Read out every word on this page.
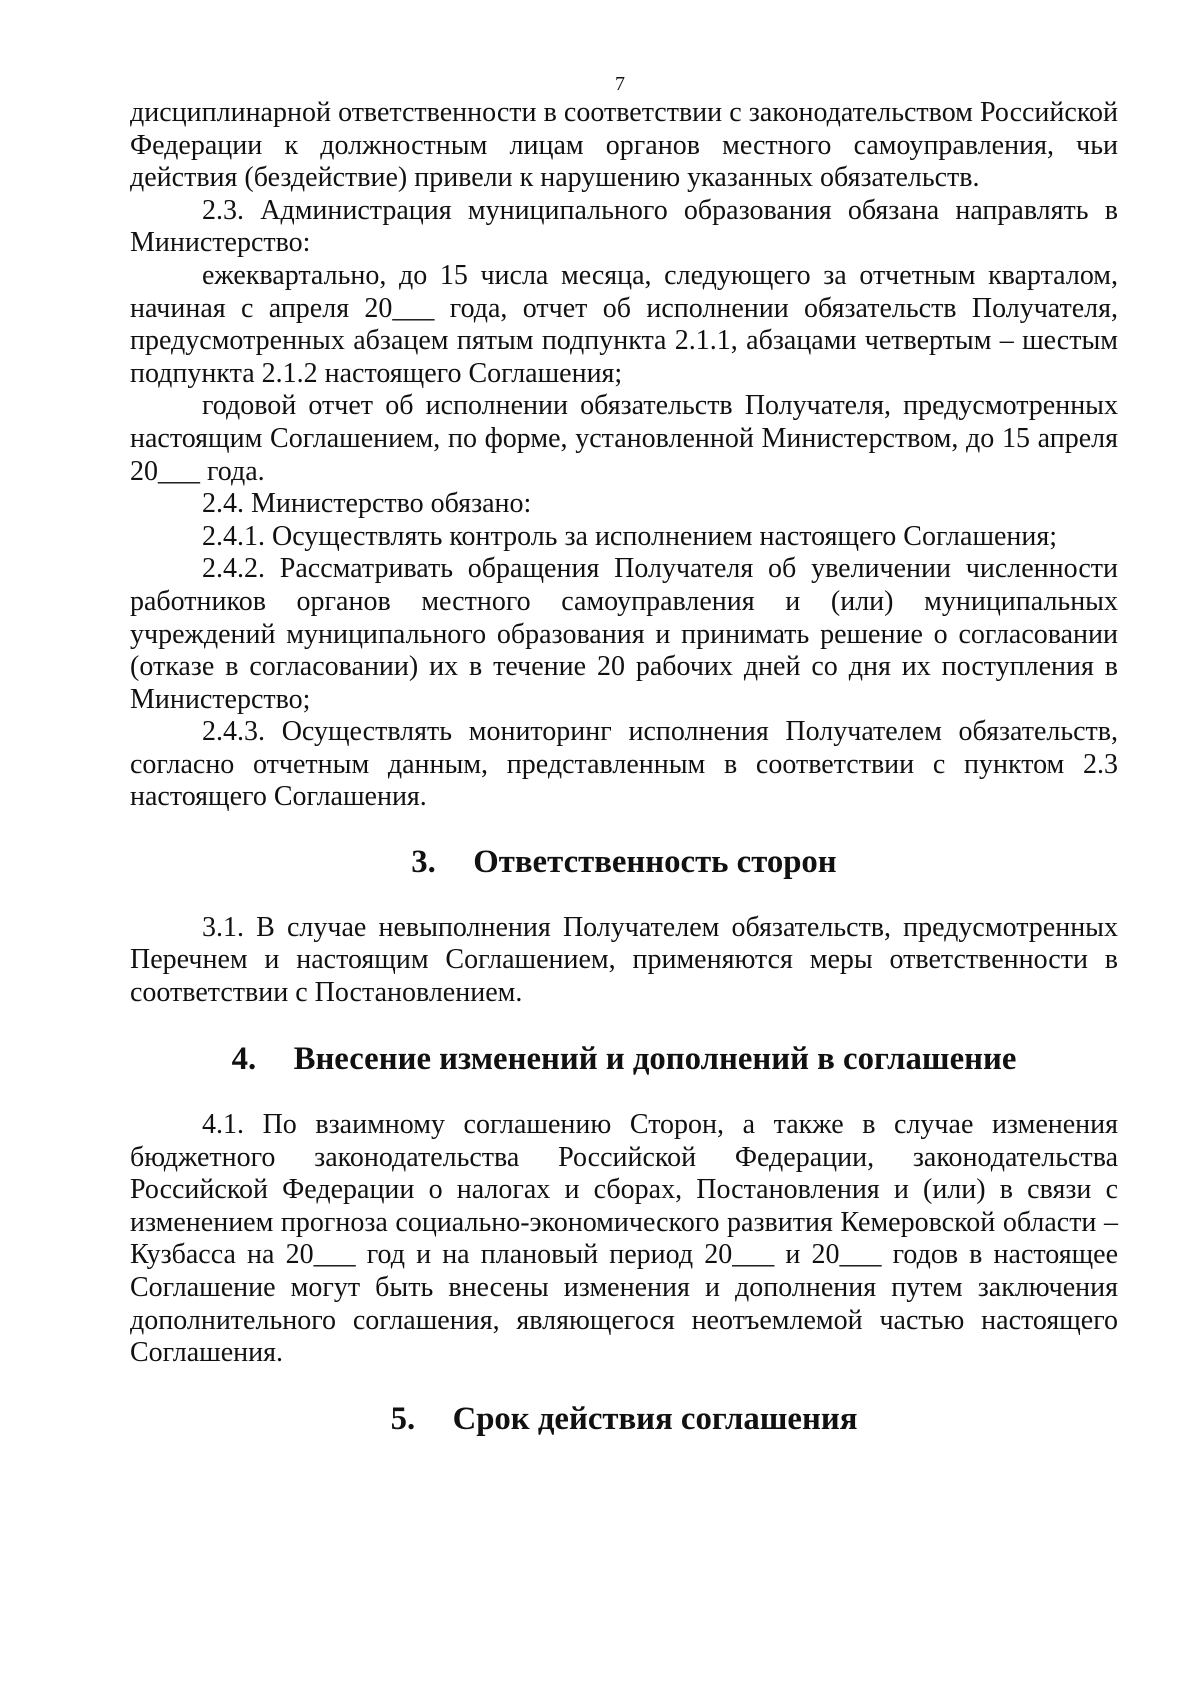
7

дисциплинарной ответственности в соответствии с законодательством Российской Федерации к должностным лицам органов местного самоуправления, чьи действия (бездействие) привели к нарушению указанных обязательств.

2.3. Администрация муниципального образования обязана направлять в Министерство:

ежеквартально, до 15 числа месяца, следующего за отчетным кварталом, начиная с апреля 20___ года, отчет об исполнении обязательств Получателя, предусмотренных абзацем пятым подпункта 2.1.1, абзацами четвертым – шестым подпункта 2.1.2 настоящего Соглашения;

годовой отчет об исполнении обязательств Получателя, предусмотренных настоящим Соглашением, по форме, установленной Министерством, до 15 апреля 20___ года.

2.4. Министерство обязано:

2.4.1. Осуществлять контроль за исполнением настоящего Соглашения;

2.4.2. Рассматривать обращения Получателя об увеличении численности работников органов местного самоуправления и (или) муниципальных учреждений муниципального образования и принимать решение о согласовании (отказе в согласовании) их в течение 20 рабочих дней со дня их поступления в Министерство;

2.4.3. Осуществлять мониторинг исполнения Получателем обязательств, согласно отчетным данным, представленным в соответствии с пунктом 2.3 настоящего Соглашения.

3. Ответственность сторон

3.1. В случае невыполнения Получателем обязательств, предусмотренных Перечнем и настоящим Соглашением, применяются меры ответственности в соответствии с Постановлением.

4. Внесение изменений и дополнений в соглашение

4.1. По взаимному соглашению Сторон, а также в случае изменения бюджетного законодательства Российской Федерации, законодательства Российской Федерации о налогах и сборах, Постановления и (или) в связи с изменением прогноза социально-экономического развития Кемеровской области – Кузбасса на 20___ год и на плановый период 20___ и 20___ годов в настоящее Соглашение могут быть внесены изменения и дополнения путем заключения дополнительного соглашения, являющегося неотъемлемой частью настоящего Соглашения.

5. Срок действия соглашения
